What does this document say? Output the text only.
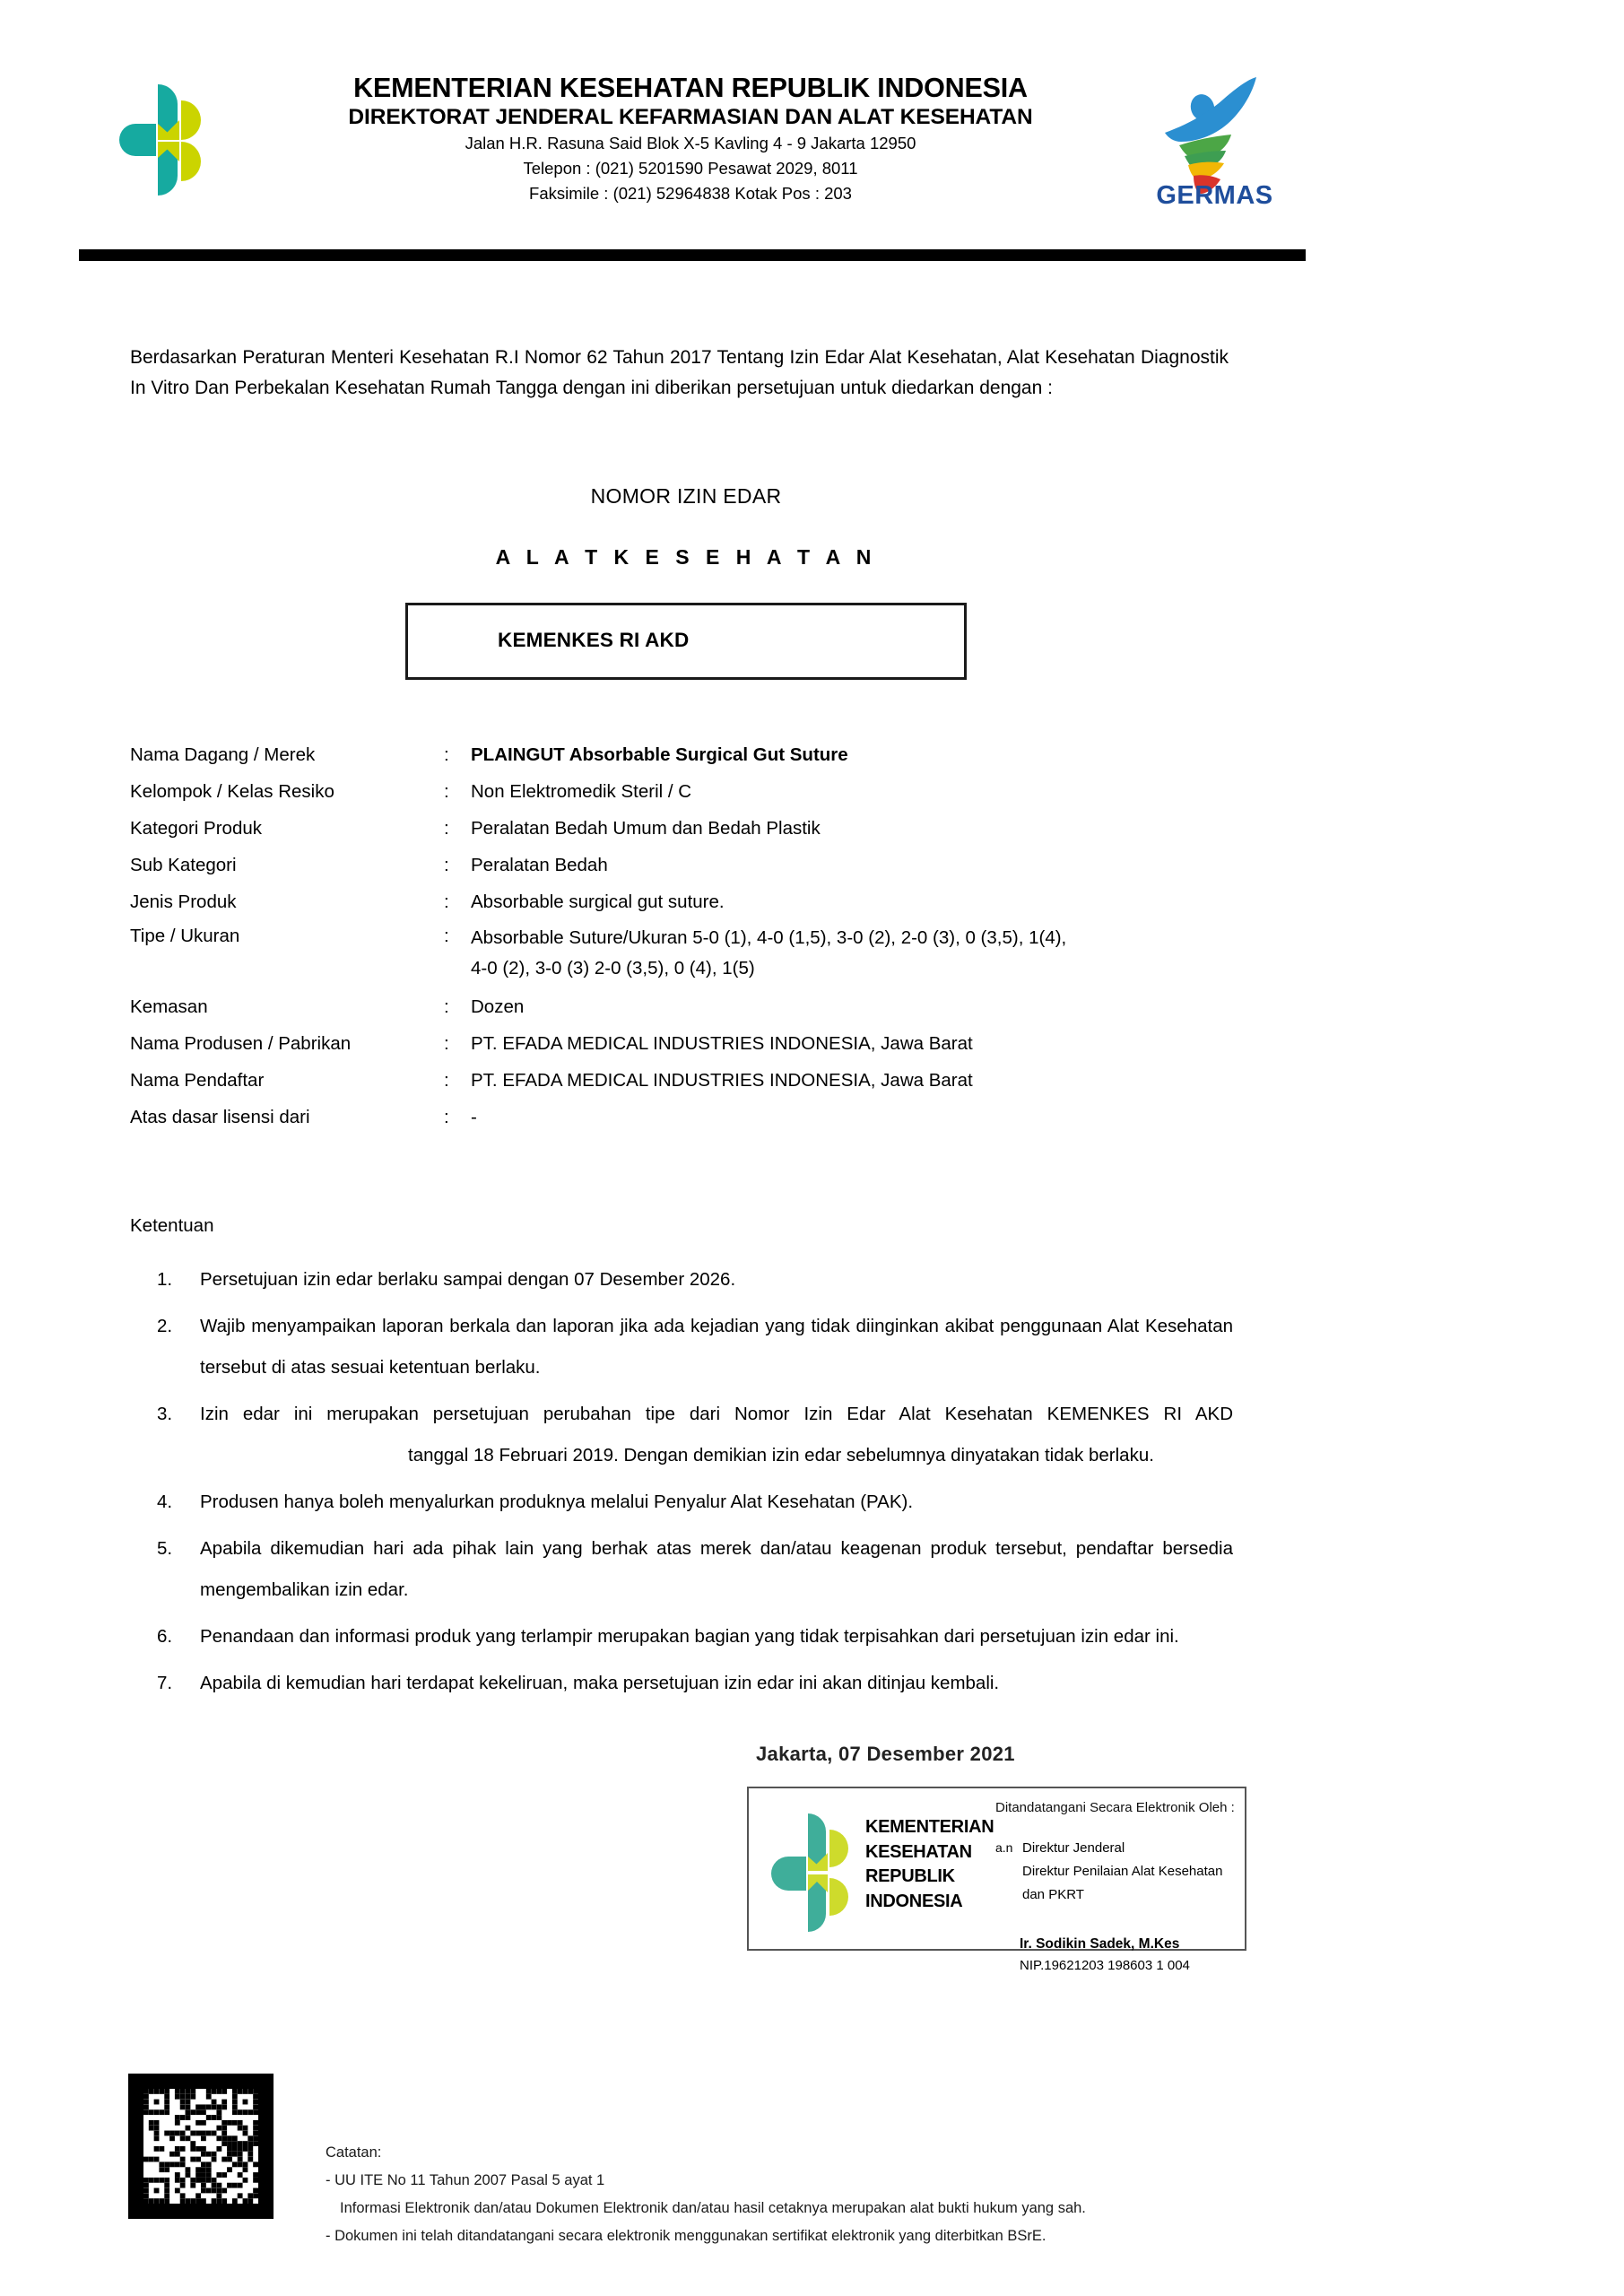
KEMENTERIAN KESEHATAN REPUBLIK INDONESIA
DIREKTORAT JENDERAL KEFARMASIAN DAN ALAT KESEHATAN
Jalan H.R. Rasuna Said Blok X-5 Kavling 4 - 9 Jakarta 12950
Telepon : (021) 5201590 Pesawat 2029, 8011
Faksimile : (021) 52964838 Kotak Pos : 203	GERMAS
Berdasarkan Peraturan Menteri Kesehatan R.I Nomor 62 Tahun 2017 Tentang Izin Edar Alat Kesehatan, Alat Kesehatan Diagnostik In Vitro Dan Perbekalan Kesehatan Rumah Tangga dengan ini diberikan persetujuan untuk diedarkan dengan :
NOMOR IZIN EDAR
A L A T K E S E H A T A N
KEMENKES RI AKD
Nama Dagang / Merek	:	PLAINGUT Absorbable Surgical Gut Suture
Kelompok / Kelas Resiko	:	Non Elektromedik Steril / C
Kategori Produk	:	Peralatan Bedah Umum dan Bedah Plastik
Sub Kategori	:	Peralatan Bedah
Jenis Produk	:	Absorbable surgical gut suture.
Tipe / Ukuran	:	Absorbable Suture/Ukuran 5-0 (1), 4-0 (1,5), 3-0 (2), 2-0 (3), 0 (3,5), 1(4),
4-0 (2), 3-0 (3) 2-0 (3,5), 0 (4), 1(5)
Kemasan	:	Dozen
Nama Produsen / Pabrikan	:	PT. EFADA MEDICAL INDUSTRIES INDONESIA, Jawa Barat
Nama Pendaftar	:	PT. EFADA MEDICAL INDUSTRIES INDONESIA, Jawa Barat
Atas dasar lisensi dari	:	-
Ketentuan
1.	Persetujuan izin edar berlaku sampai dengan 07 Desember 2026.
2.	Wajib menyampaikan laporan berkala dan laporan jika ada kejadian yang tidak diinginkan akibat penggunaan Alat Kesehatan tersebut di atas sesuai ketentuan berlaku.
3.	Izin edar ini merupakan persetujuan perubahan tipe dari Nomor Izin Edar Alat Kesehatan KEMENKES RI AKDtanggal 18 Februari 2019. Dengan demikian izin edar sebelumnya dinyatakan tidak berlaku.
4.	Produsen hanya boleh menyalurkan produknya melalui Penyalur Alat Kesehatan (PAK).
5.	Apabila dikemudian hari ada pihak lain yang berhak atas merek dan/atau keagenan produk tersebut, pendaftar bersedia mengembalikan izin edar.
6.	Penandaan dan informasi produk yang terlampir merupakan bagian yang tidak terpisahkan dari persetujuan izin edar ini.
7.	Apabila di kemudian hari terdapat kekeliruan, maka persetujuan izin edar ini akan ditinjau kembali.
Jakarta, 07 Desember 2021
KEMENTERIAN
KESEHATAN
REPUBLIK
INDONESIA
Ditandatangani Secara Elektronik Oleh :
a.n Direktur Jenderal
Direktur Penilaian Alat Kesehatan dan PKRT
Ir. Sodikin Sadek, M.Kes
NIP.19621203 198603 1 004
Catatan:
- UU ITE No 11 Tahun 2007 Pasal 5 ayat 1
Informasi Elektronik dan/atau Dokumen Elektronik dan/atau hasil cetaknya merupakan alat bukti hukum yang sah.
- Dokumen ini telah ditandatangani secara elektronik menggunakan sertifikat elektronik yang diterbitkan BSrE.
